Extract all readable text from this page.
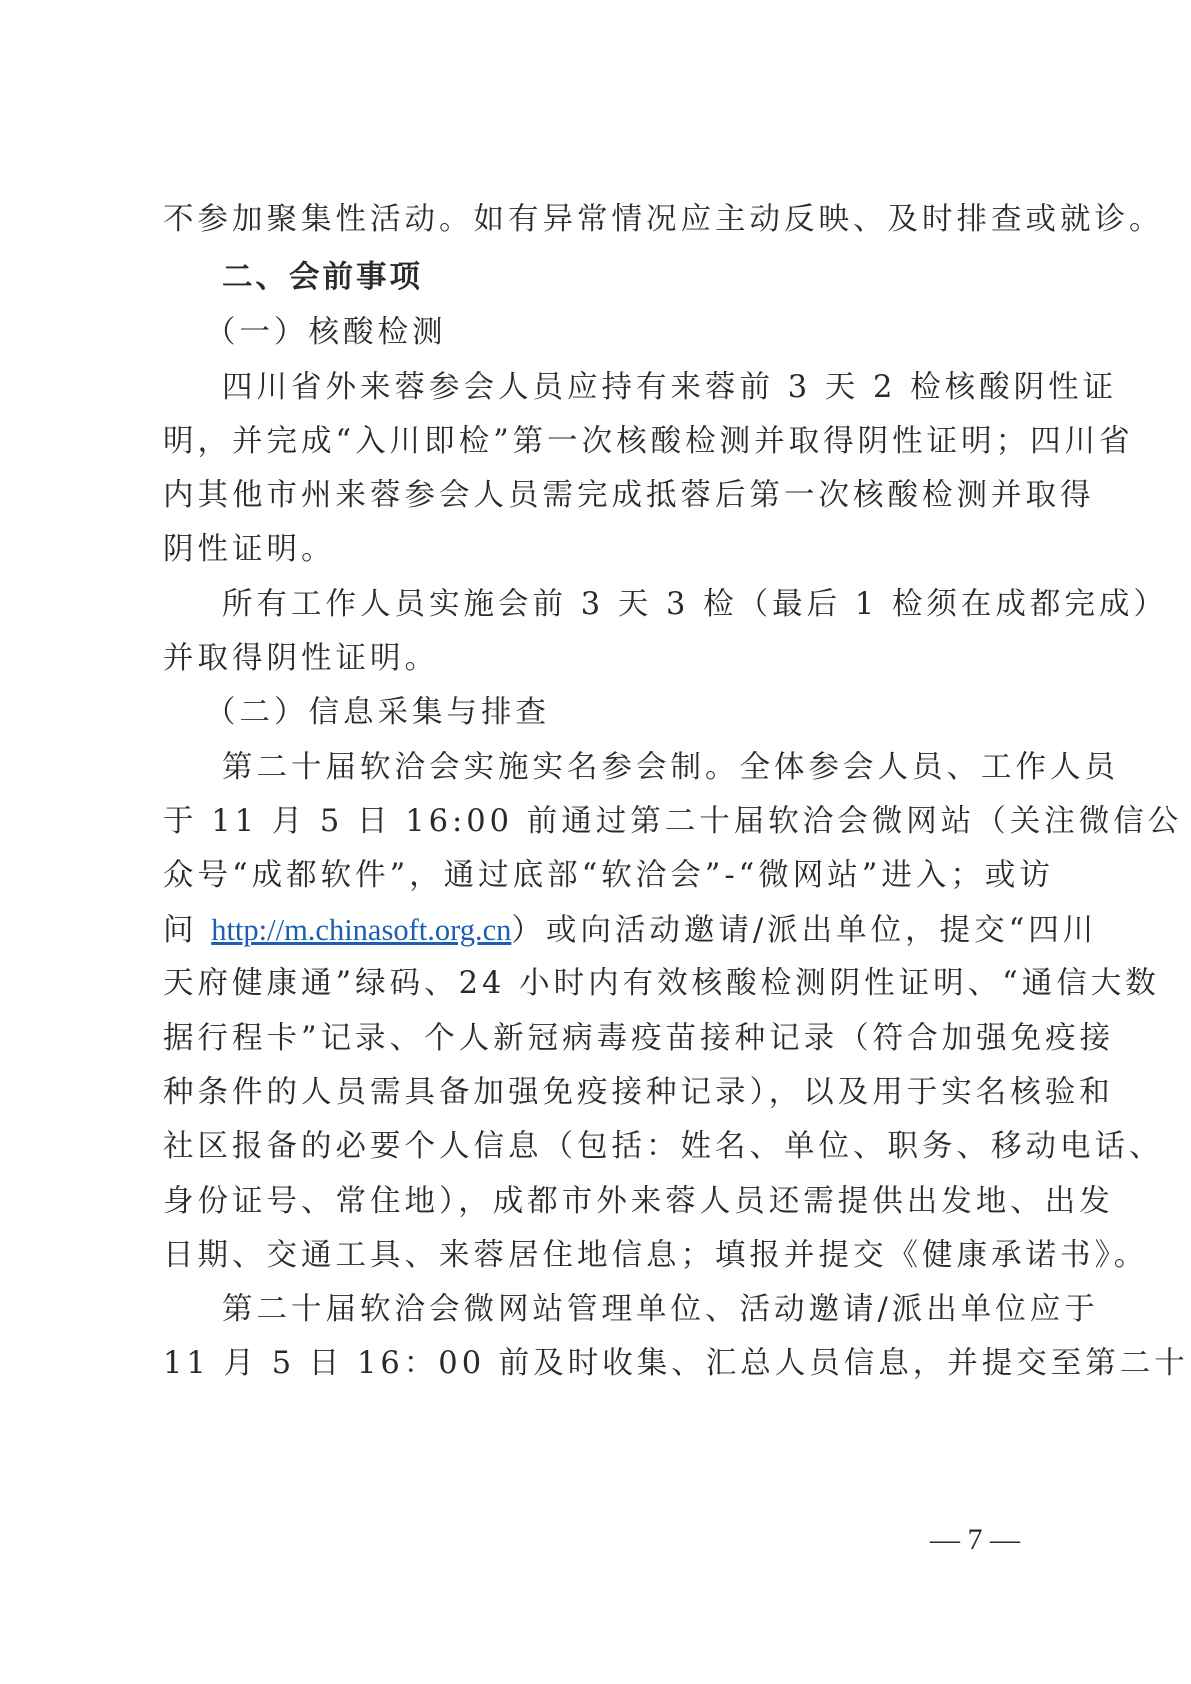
不参加聚集性活动。如有异常情况应主动反映、及时排查或就诊。
二、会前事项
（一）核酸检测
四川省外来蓉参会人员应持有来蓉前 3 天 2 检核酸阴性证
明，并完成“入川即检”第一次核酸检测并取得阴性证明；四川省
内其他市州来蓉参会人员需完成抵蓉后第一次核酸检测并取得
阴性证明。
所有工作人员实施会前 3 天 3 检（最后 1 检须在成都完成）
并取得阴性证明。
（二）信息采集与排查
第二十届软洽会实施实名参会制。全体参会人员、工作人员
于 11 月 5 日 16:00 前通过第二十届软洽会微网站（关注微信公
众号“成都软件”，通过底部“软洽会”-“微网站”进入；或访
问 http://m.chinasoft.org.cn）或向活动邀请/派出单位，提交“四川
天府健康通”绿码、24 小时内有效核酸检测阴性证明、“通信大数
据行程卡”记录、个人新冠病毒疫苗接种记录（符合加强免疫接
种条件的人员需具备加强免疫接种记录），以及用于实名核验和
社区报备的必要个人信息（包括：姓名、单位、职务、移动电话、
身份证号、常住地），成都市外来蓉人员还需提供出发地、出发
日期、交通工具、来蓉居住地信息；填报并提交《健康承诺书》。
第二十届软洽会微网站管理单位、活动邀请/派出单位应于
11 月 5 日 16：00 前及时收集、汇总人员信息，并提交至第二十
— 7 —
